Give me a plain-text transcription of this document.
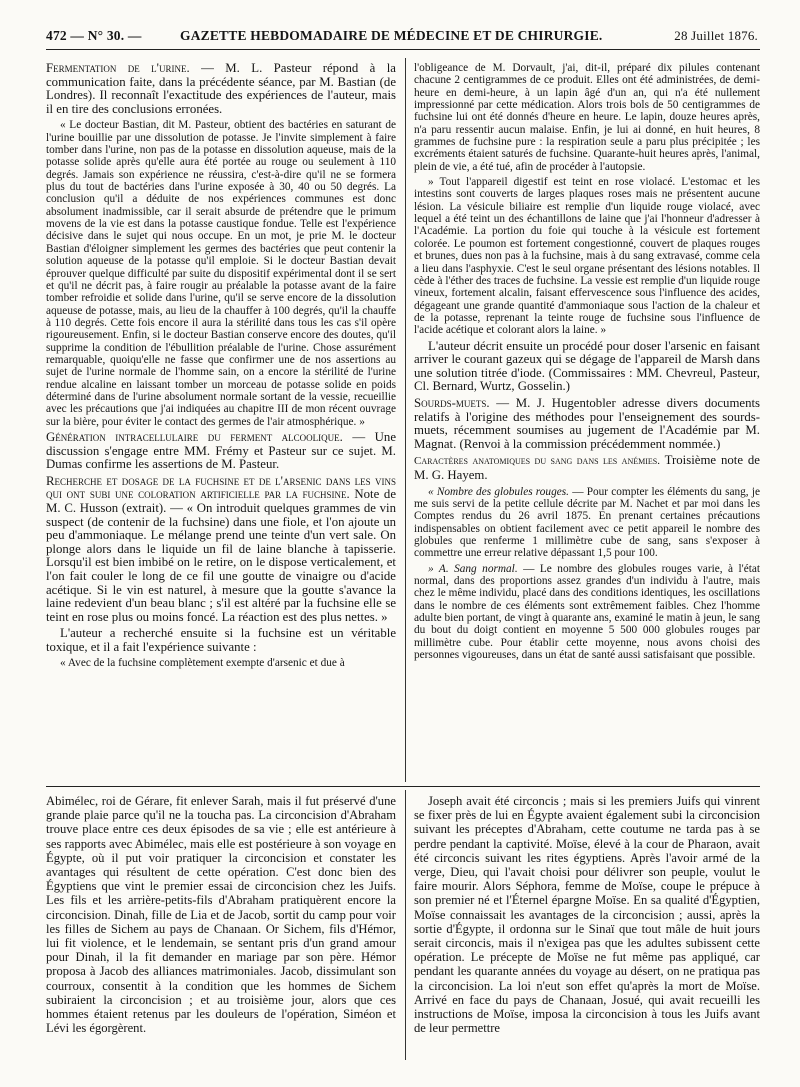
472 — N° 30. —	GAZETTE HEBDOMADAIRE DE MÉDECINE ET DE CHIRURGIE.	28 Juillet 1876.

Fermentation de l'urine. — M. L. Pasteur répond à la communication faite, dans la précédente séance, par M. Bastian (de Londres). Il reconnaît l'exactitude des expériences de l'auteur, mais il en tire des conclusions erronées.

« Le docteur Bastian, dit M. Pasteur, obtient des bactéries en saturant de l'urine bouillie par une dissolution de potasse. Je l'invite simplement à faire tomber dans l'urine, non pas de la potasse en dissolution aqueuse, mais de la potasse solide après qu'elle aura été portée au rouge ou seulement à 110 degrés. Jamais son expérience ne réussira, c'est-à-dire qu'il ne se formera plus du tout de bactéries dans l'urine exposée à 30, 40 ou 50 degrés. La conclusion qu'il a déduite de nos expériences communes est donc absolument inadmissible, car il serait absurde de prétendre que le primum movens de la vie est dans la potasse caustique fondue. Telle est l'expérience décisive dans le sujet qui nous occupe. En un mot, je prie M. le docteur Bastian d'éloigner simplement les germes des bactéries que peut contenir la solution aqueuse de la potasse qu'il emploie. Si le docteur Bastian devait éprouver quelque difficulté par suite du dispositif expérimental dont il se sert et qu'il ne décrit pas, à faire rougir au préalable la potasse avant de la faire tomber refroidie et solide dans l'urine, qu'il se serve encore de la dissolution aqueuse de potasse, mais, au lieu de la chauffer à 100 degrés, qu'il la chauffe à 110 degrés. Cette fois encore il aura la stérilité dans tous les cas s'il opère rigoureusement. Enfin, si le docteur Bastian conserve encore des doutes, qu'il supprime la condition de l'ébullition préalable de l'urine. Chose assurément remarquable, quoiqu'elle ne fasse que confirmer une de nos assertions au sujet de l'urine normale de l'homme sain, on a encore la stérilité de l'urine rendue alcaline en laissant tomber un morceau de potasse solide en poids déterminé dans de l'urine absolument normale sortant de la vessie, recueillie avec les précautions que j'ai indiquées au chapitre III de mon récent ouvrage sur la bière, pour éviter le contact des germes de l'air atmosphérique. »

Génération intracellulaire du ferment alcoolique. — Une discussion s'engage entre MM. Frémy et Pasteur sur ce sujet. M. Dumas confirme les assertions de M. Pasteur.

Recherche et dosage de la fuchsine et de l'arsenic dans les vins qui ont subi une coloration artificielle par la fuchsine. Note de M. C. Husson (extrait). — « On introduit quelques grammes de vin suspect (de contenir de la fuchsine) dans une fiole, et l'on ajoute un peu d'ammoniaque. Le mélange prend une teinte d'un vert sale. On plonge alors dans le liquide un fil de laine blanche à tapisserie. Lorsqu'il est bien imbibé on le retire, on le dispose verticalement, et l'on fait couler le long de ce fil une goutte de vinaigre ou d'acide acétique. Si le vin est naturel, à mesure que la goutte s'avance la laine redevient d'un beau blanc ; s'il est altéré par la fuchsine elle se teint en rose plus ou moins foncé. La réaction est des plus nettes. »

L'auteur a recherché ensuite si la fuchsine est un véritable toxique, et il a fait l'expérience suivante :

« Avec de la fuchsine complètement exempte d'arsenic et due à

l'obligeance de M. Dorvault, j'ai, dit-il, préparé dix pilules contenant chacune 2 centigrammes de ce produit. Elles ont été administrées, de demi-heure en demi-heure, à un lapin âgé d'un an, qui n'a été nullement impressionné par cette médication. Alors trois bols de 50 centigrammes de fuchsine lui ont été donnés d'heure en heure. Le lapin, douze heures après, n'a paru ressentir aucun malaise. Enfin, je lui ai donné, en huit heures, 8 grammes de fuchsine pure : la respiration seule a paru plus précipitée ; les excréments étaient saturés de fuchsine. Quarante-huit heures après, l'animal, plein de vie, a été tué, afin de procéder à l'autopsie.

» Tout l'appareil digestif est teint en rose violacé. L'estomac et les intestins sont couverts de larges plaques roses mais ne présentent aucune lésion. La vésicule biliaire est remplie d'un liquide rouge violacé, avec lequel a été teint un des échantillons de laine que j'ai l'honneur d'adresser à l'Académie. La portion du foie qui touche à la vésicule est fortement colorée. Le poumon est fortement congestionné, couvert de plaques rouges et brunes, dues non pas à la fuchsine, mais à du sang extravasé, comme cela a lieu dans l'asphyxie. C'est le seul organe présentant des lésions notables. Il cède à l'éther des traces de fuchsine. La vessie est remplie d'un liquide rouge vineux, fortement alcalin, faisant effervescence sous l'influence des acides, dégageant une grande quantité d'ammoniaque sous l'action de la chaleur et de la potasse, reprenant la teinte rouge de fuchsine sous l'influence de l'acide acétique et colorant alors la laine. »

L'auteur décrit ensuite un procédé pour doser l'arsenic en faisant arriver le courant gazeux qui se dégage de l'appareil de Marsh dans une solution titrée d'iode. (Commissaires : MM. Chevreul, Pasteur, Cl. Bernard, Wurtz, Gosselin.)

Sourds-muets. — M. J. Hugentobler adresse divers documents relatifs à l'origine des méthodes pour l'enseignement des sourds-muets, récemment soumises au jugement de l'Académie par M. Magnat. (Renvoi à la commission précédemment nommée.)

Caractères anatomiques du sang dans les anémies. Troisième note de M. G. Hayem.

« Nombre des globules rouges. — Pour compter les éléments du sang, je me suis servi de la petite cellule décrite par M. Nachet et par moi dans les Comptes rendus du 26 avril 1875. En prenant certaines précautions indispensables on obtient facilement avec ce petit appareil le nombre des globules que renferme 1 millimètre cube de sang, sans s'exposer à commettre une erreur relative dépassant 1,5 pour 100.

» A. Sang normal. — Le nombre des globules rouges varie, à l'état normal, dans des proportions assez grandes d'un individu à l'autre, mais chez le même individu, placé dans des conditions identiques, les oscillations dans le nombre de ces éléments sont extrêmement faibles. Chez l'homme adulte bien portant, de vingt à quarante ans, examiné le matin à jeun, le sang du bout du doigt contient en moyenne 5 500 000 globules rouges par millimètre cube. Pour établir cette moyenne, nous avons choisi des personnes vigoureuses, dans un état de santé aussi satisfaisant que possible.

Abimélec, roi de Gérare, fit enlever Sarah, mais il fut préservé d'une grande plaie parce qu'il ne la toucha pas. La circoncision d'Abraham trouve place entre ces deux épisodes de sa vie ; elle est antérieure à ses rapports avec Abimélec, mais elle est postérieure à son voyage en Égypte, où il put voir pratiquer la circoncision et constater les avantages qui résultent de cette opération. C'est donc bien des Égyptiens que vint le premier essai de circoncision chez les Juifs. Les fils et les arrière-petits-fils d'Abraham pratiquèrent encore la circoncision. Dinah, fille de Lia et de Jacob, sortit du camp pour voir les filles de Sichem au pays de Chanaan. Or Sichem, fils d'Hémor, lui fit violence, et le lendemain, se sentant pris d'un grand amour pour Dinah, il la fit demander en mariage par son père. Hémor proposa à Jacob des alliances matrimoniales. Jacob, dissimulant son courroux, consentit à la condition que les hommes de Sichem subiraient la circoncision ; et au troisième jour, alors que ces hommes étaient retenus par les douleurs de l'opération, Siméon et Lévi les égorgèrent.

Joseph avait été circoncis ; mais si les premiers Juifs qui vinrent se fixer près de lui en Égypte avaient également subi la circoncision suivant les préceptes d'Abraham, cette coutume ne tarda pas à se perdre pendant la captivité. Moïse, élevé à la cour de Pharaon, avait été circoncis suivant les rites égyptiens. Après l'avoir armé de la verge, Dieu, qui l'avait choisi pour délivrer son peuple, voulut le faire mourir. Alors Séphora, femme de Moïse, coupe le prépuce à son premier né et l'Éternel épargne Moïse. En sa qualité d'Égyptien, Moïse connaissait les avantages de la circoncision ; aussi, après la sortie d'Égypte, il ordonna sur le Sinaï que tout mâle de huit jours serait circoncis, mais il n'exigea pas que les adultes subissent cette opération. Le précepte de Moïse ne fut même pas appliqué, car pendant les quarante années du voyage au désert, on ne pratiqua pas la circoncision. La loi n'eut son effet qu'après la mort de Moïse. Arrivé en face du pays de Chanaan, Josué, qui avait recueilli les instructions de Moïse, imposa la circoncision à tous les Juifs avant de leur permettre
